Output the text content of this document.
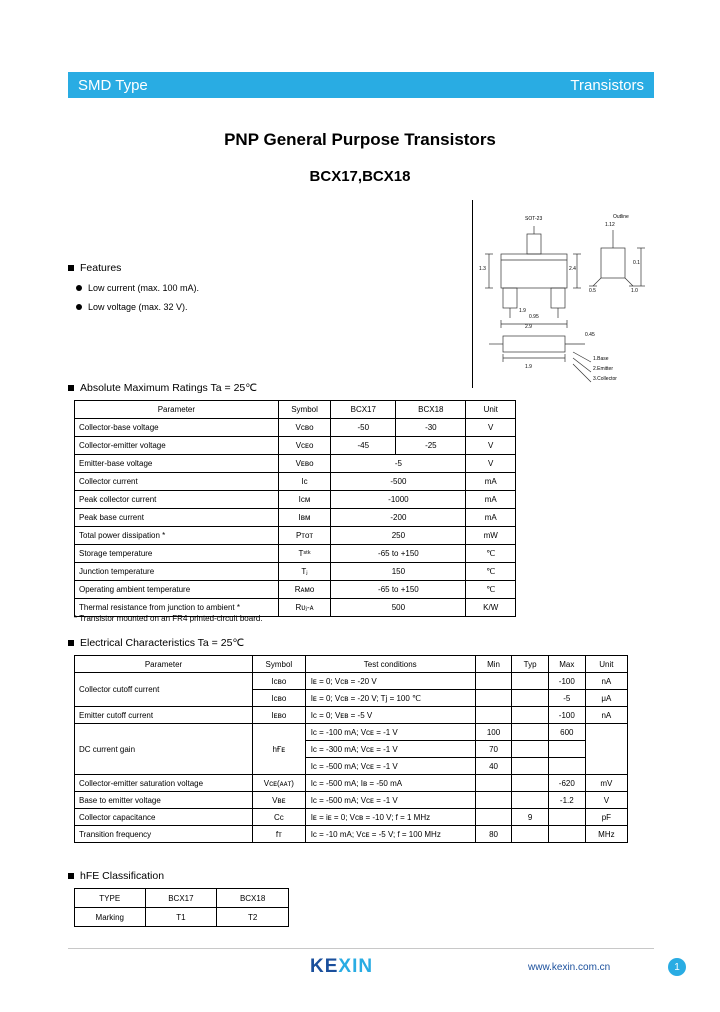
SMD Type	Transistors
PNP General Purpose Transistors
BCX17,BCX18
Features
Low current (max. 100 mA).
Low voltage (max. 32 V).
SOT-23	Outline
2.9
1.3	2.4
1.9
0.95
1.9
0.5	1.0
0.1
1.12
0.45
1.Base
2.Emitter
3.Collector
Absolute Maximum Ratings Ta = 25℃
Parameter	Symbol	BCX17	BCX18	Unit
Collector-base voltage	Vᴄʙᴏ	-50	-30	V
Collector-emitter voltage	Vᴄᴇᴏ	-45	-25	V
Emitter-base voltage	Vᴇʙᴏ	-5		V
Collector current	Iᴄ	-500		mA
Peak collector current	Iᴄᴍ	-1000		mA
Peak base current	Iʙᴍ	-200		mA
Total power dissipation *	Pᴛᴏᴛ	250		mW
Storage temperature	Tˢᵗᵏ	-65 to +150		℃
Junction temperature	Tⱼ	150		℃
Operating ambient temperature	Rᴀᴍᴏ	-65 to +150		℃
Thermal resistance from junction to ambient *	Rᴜⱼ-ᴀ	500		K/W
* Transistor mounted on an FR4 printed-circuit board.
Electrical Characteristics Ta = 25℃
Parameter	Symbol	Test conditions	Min	Typ	Max	Unit
Collector cutoff current	Iᴄʙᴏ	Iᴇ = 0; Vᴄʙ = -20 V			-100	nA
	Iᴄʙᴏ	Iᴇ = 0; Vᴄʙ = -20 V; Tj = 100 ℃			-5	μA
Emitter cutoff current	Iᴇʙᴏ	Iᴄ = 0; Vᴇʙ = -5 V			-100	nA
DC current gain	hҒᴇ	Iᴄ = -100 mA; Vᴄᴇ = -1 V	100		600	
		Iᴄ = -300 mA; Vᴄᴇ = -1 V	70			
		Iᴄ = -500 mA; Vᴄᴇ = -1 V	40			
Collector-emitter saturation voltage	Vᴄᴇ(ᴀᴀᴛ)	Iᴄ = -500 mA; Iʙ = -50 mA			-620	mV
Base to emitter voltage	Vʙᴇ	Iᴄ = -500 mA; Vᴄᴇ = -1 V			-1.2	V
Collector capacitance	Cᴄ	Iᴇ = iᴇ = 0; Vᴄʙ = -10 V; f = 1 MHz		9		pF
Transition frequency	fᴛ	Iᴄ = -10 mA; Vᴄᴇ = -5 V; f = 100 MHz	80			MHz
hFE Classification
TYPE	BCX17	BCX18
Marking	T1	T2
KEXIN	www.kexin.com.cn	1
